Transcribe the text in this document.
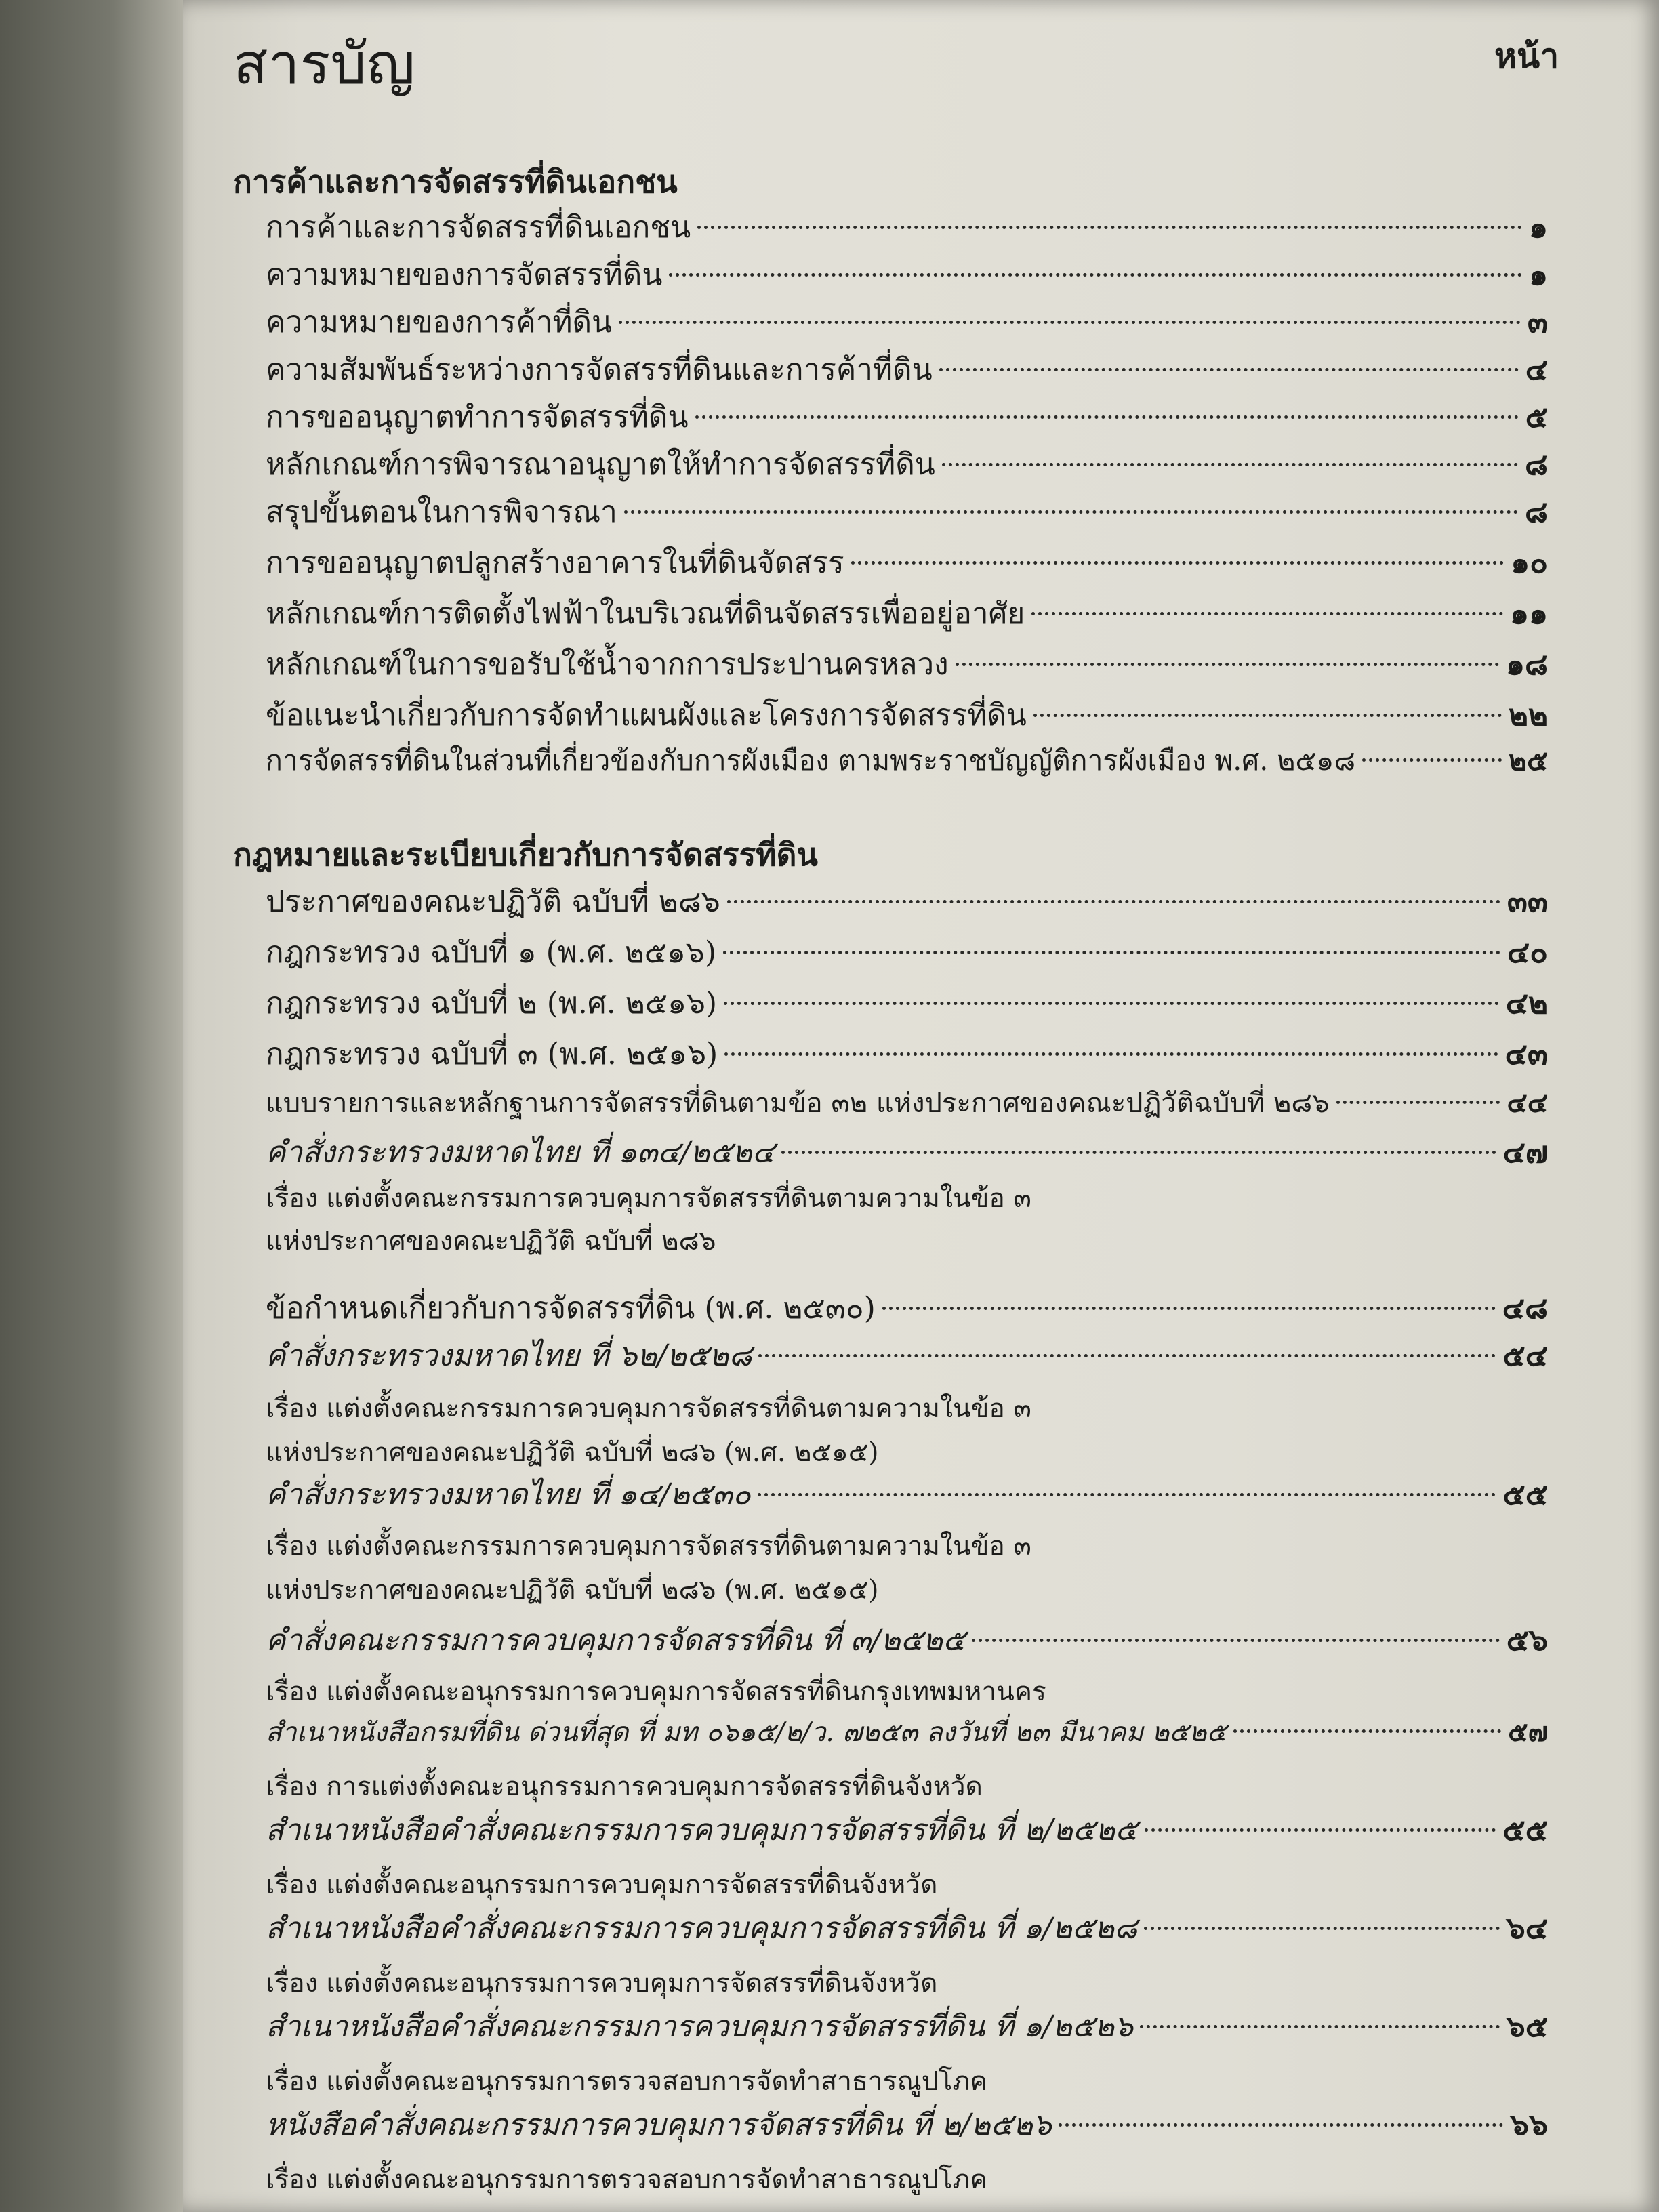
สารบัญ	หน้า
การค้าและการจัดสรรที่ดินเอกชน
การค้าและการจัดสรรที่ดินเอกชน	๑
ความหมายของการจัดสรรที่ดิน	๑
ความหมายของการค้าที่ดิน	๓
ความสัมพันธ์ระหว่างการจัดสรรที่ดินและการค้าที่ดิน	๔
การขออนุญาตทำการจัดสรรที่ดิน	๕
หลักเกณฑ์การพิจารณาอนุญาตให้ทำการจัดสรรที่ดิน	๘
สรุปขั้นตอนในการพิจารณา	๘
การขออนุญาตปลูกสร้างอาคารในที่ดินจัดสรร	๑๐
หลักเกณฑ์การติดตั้งไฟฟ้าในบริเวณที่ดินจัดสรรเพื่ออยู่อาศัย	๑๑
หลักเกณฑ์ในการขอรับใช้น้ำจากการประปานครหลวง	๑๘
ข้อแนะนำเกี่ยวกับการจัดทำแผนผังและโครงการจัดสรรที่ดิน	๒๒
การจัดสรรที่ดินในส่วนที่เกี่ยวข้องกับการผังเมือง ตามพระราชบัญญัติการผังเมือง พ.ศ. ๒๕๑๘	๒๕
กฎหมายและระเบียบเกี่ยวกับการจัดสรรที่ดิน
ประกาศของคณะปฏิวัติ ฉบับที่ ๒๘๖	๓๓
กฎกระทรวง ฉบับที่ ๑ (พ.ศ. ๒๕๑๖)	๔๐
กฎกระทรวง ฉบับที่ ๒ (พ.ศ. ๒๕๑๖)	๔๒
กฎกระทรวง ฉบับที่ ๓ (พ.ศ. ๒๕๑๖)	๔๓
แบบรายการและหลักฐานการจัดสรรที่ดินตามข้อ ๓๒ แห่งประกาศของคณะปฏิวัติฉบับที่ ๒๘๖	๔๔
คำสั่งกระทรวงมหาดไทย ที่ ๑๓๔/๒๕๒๔	๔๗
เรื่อง แต่งตั้งคณะกรรมการควบคุมการจัดสรรที่ดินตามความในข้อ ๓
แห่งประกาศของคณะปฏิวัติ ฉบับที่ ๒๘๖
ข้อกำหนดเกี่ยวกับการจัดสรรที่ดิน (พ.ศ. ๒๕๓๐)	๔๘
คำสั่งกระทรวงมหาดไทย ที่ ๖๒/๒๕๒๘	๕๔
เรื่อง แต่งตั้งคณะกรรมการควบคุมการจัดสรรที่ดินตามความในข้อ ๓
แห่งประกาศของคณะปฏิวัติ ฉบับที่ ๒๘๖ (พ.ศ. ๒๕๑๕)
คำสั่งกระทรวงมหาดไทย ที่ ๑๔/๒๕๓๐	๕๕
เรื่อง แต่งตั้งคณะกรรมการควบคุมการจัดสรรที่ดินตามความในข้อ ๓
แห่งประกาศของคณะปฏิวัติ ฉบับที่ ๒๘๖ (พ.ศ. ๒๕๑๕)
คำสั่งคณะกรรมการควบคุมการจัดสรรที่ดิน ที่ ๓/๒๕๒๕	๕๖
เรื่อง แต่งตั้งคณะอนุกรรมการควบคุมการจัดสรรที่ดินกรุงเทพมหานคร
สำเนาหนังสือกรมที่ดิน ด่วนที่สุด ที่ มท ๐๖๑๕/๒/ว. ๗๒๕๓ ลงวันที่ ๒๓ มีนาคม ๒๕๒๕	๕๗
เรื่อง การแต่งตั้งคณะอนุกรรมการควบคุมการจัดสรรที่ดินจังหวัด
สำเนาหนังสือคำสั่งคณะกรรมการควบคุมการจัดสรรที่ดิน ที่ ๒/๒๕๒๕	๕๕
เรื่อง แต่งตั้งคณะอนุกรรมการควบคุมการจัดสรรที่ดินจังหวัด
สำเนาหนังสือคำสั่งคณะกรรมการควบคุมการจัดสรรที่ดิน ที่ ๑/๒๕๒๘	๖๔
เรื่อง แต่งตั้งคณะอนุกรรมการควบคุมการจัดสรรที่ดินจังหวัด
สำเนาหนังสือคำสั่งคณะกรรมการควบคุมการจัดสรรที่ดิน ที่ ๑/๒๕๒๖	๖๕
เรื่อง แต่งตั้งคณะอนุกรรมการตรวจสอบการจัดทำสาธารณูปโภค
หนังสือคำสั่งคณะกรรมการควบคุมการจัดสรรที่ดิน ที่ ๒/๒๕๒๖	๖๖
เรื่อง แต่งตั้งคณะอนุกรรมการตรวจสอบการจัดทำสาธารณูปโภค
